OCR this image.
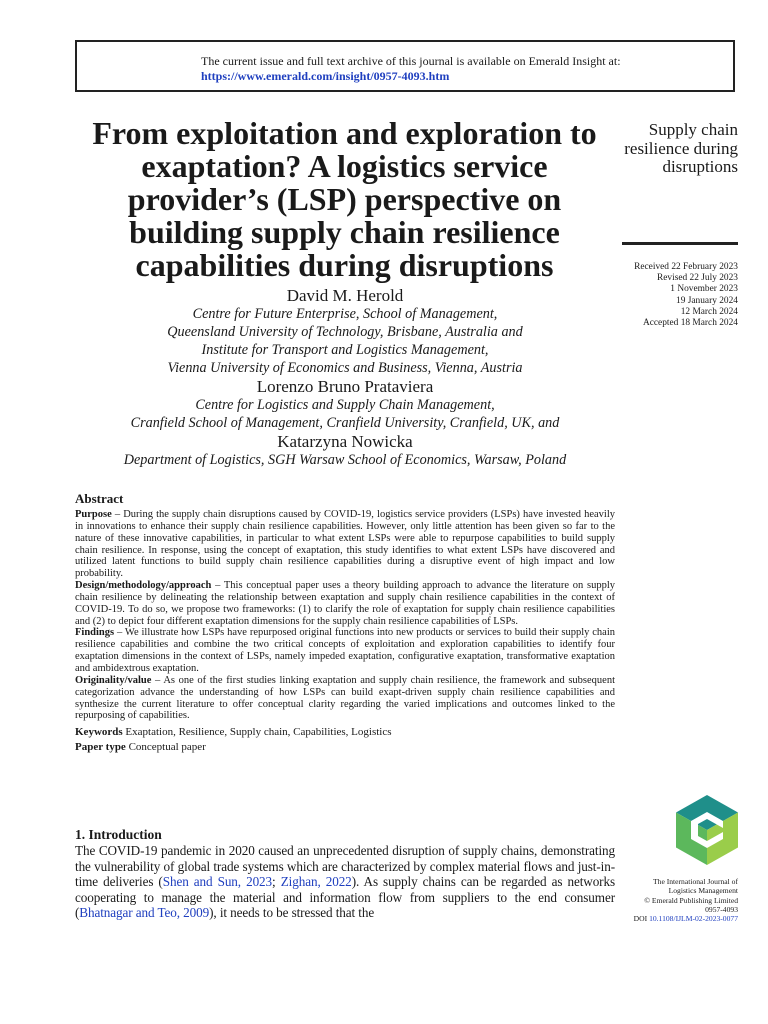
The current issue and full text archive of this journal is available on Emerald Insight at:
https://www.emerald.com/insight/0957-4093.htm
From exploitation and exploration to exaptation? A logistics service provider’s (LSP) perspective on building supply chain resilience capabilities during disruptions
Supply chain resilience during disruptions
Received 22 February 2023
Revised 22 July 2023
1 November 2023
19 January 2024
12 March 2024
Accepted 18 March 2024
David M. Herold
Centre for Future Enterprise, School of Management,
Queensland University of Technology, Brisbane, Australia and
Institute for Transport and Logistics Management,
Vienna University of Economics and Business, Vienna, Austria
Lorenzo Bruno Prataviera
Centre for Logistics and Supply Chain Management,
Cranfield School of Management, Cranfield University, Cranfield, UK, and
Katarzyna Nowicka
Department of Logistics, SGH Warsaw School of Economics, Warsaw, Poland
Abstract

Purpose – During the supply chain disruptions caused by COVID-19, logistics service providers (LSPs) have invested heavily in innovations to enhance their supply chain resilience capabilities. However, only little attention has been given so far to the nature of these innovative capabilities, in particular to what extent LSPs were able to repurpose capabilities to build supply chain resilience. In response, using the concept of exaptation, this study identifies to what extent LSPs have discovered and utilized latent functions to build supply chain resilience capabilities during a disruptive event of high impact and low probability.

Design/methodology/approach – This conceptual paper uses a theory building approach to advance the literature on supply chain resilience by delineating the relationship between exaptation and supply chain resilience capabilities in the context of COVID-19. To do so, we propose two frameworks: (1) to clarify the role of exaptation for supply chain resilience capabilities and (2) to depict four different exaptation dimensions for the supply chain resilience capabilities of LSPs.

Findings – We illustrate how LSPs have repurposed original functions into new products or services to build their supply chain resilience capabilities and combine the two critical concepts of exploitation and exploration capabilities to identify four exaptation dimensions in the context of LSPs, namely impeded exaptation, configurative exaptation, transformative exaptation and ambidextrous exaptation.

Originality/value – As one of the first studies linking exaptation and supply chain resilience, the framework and subsequent categorization advance the understanding of how LSPs can build exapt-driven supply chain resilience capabilities and synthesize the current literature to offer conceptual clarity regarding the varied implications and outcomes linked to the repurposing of capabilities.

Keywords Exaptation, Resilience, Supply chain, Capabilities, Logistics
Paper type Conceptual paper
1. Introduction

The COVID-19 pandemic in 2020 caused an unprecedented disruption of supply chains, demonstrating the vulnerability of global trade systems which are characterized by complex material flows and just-in-time deliveries (Shen and Sun, 2023; Zighan, 2022). As supply chains can be regarded as networks cooperating to manage the material and information flow from suppliers to the end consumer (Bhatnagar and Teo, 2009), it needs to be stressed that the

The International Journal of
Logistics Management
© Emerald Publishing Limited
0957-4093
DOI 10.1108/IJLM-02-2023-0077
